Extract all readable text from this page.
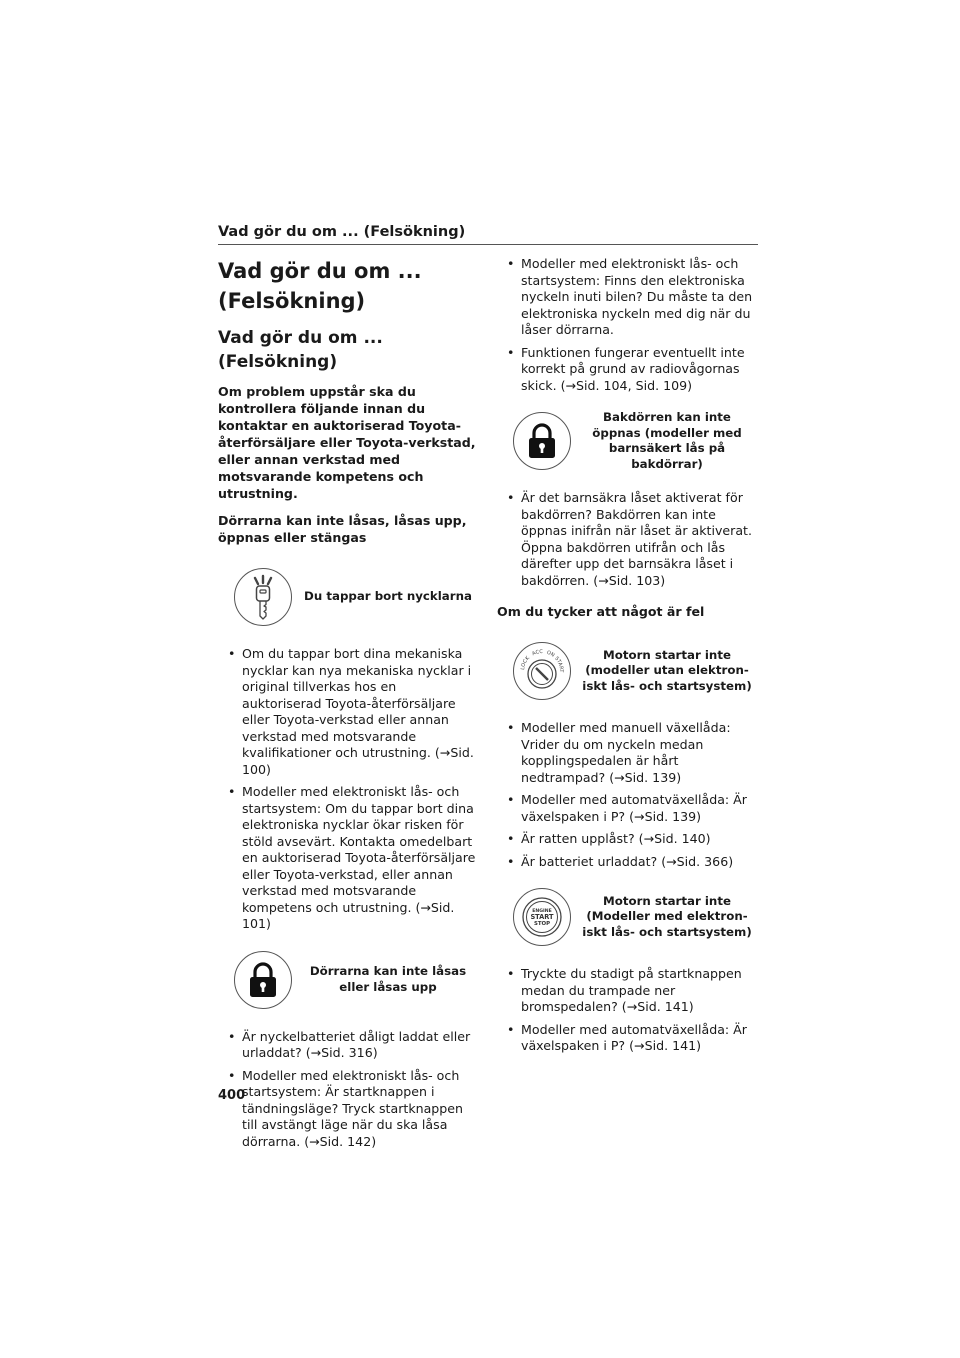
Vad gör du om ... (Felsökning)
Vad gör du om ...
(Felsökning)
Vad gör du om ... (Felsökning)

Om problem uppstår ska du kontrollera följande innan du kontaktar en auktoriserad Toyota-återförsäljare eller Toyota-verkstad, eller annan verkstad med motsvarande kompetens och utrustning.

Dörrarna kan inte låsas, låsas upp, öppnas eller stängas

Du tappar bort nycklarna
• Om du tappar bort dina mekaniska nycklar kan nya mekaniska nycklar i original tillverkas hos en auktoriserad Toyota-återförsäljare eller Toyota-verkstad eller annan verkstad med motsvarande kvalifikationer och utrustning. (→Sid. 100)
• Modeller med elektroniskt lås- och startsystem: Om du tappar bort dina elektroniska nycklar ökar risken för stöld avsevärt. Kontakta omedelbart en auktoriserad Toyota-återförsäljare eller Toyota-verkstad, eller annan verkstad med motsvarande kompetens och utrustning. (→Sid. 101)
Dörrarna kan inte låsas
eller låsas upp
• Är nyckelbatteriet dåligt laddat eller urladdat? (→Sid. 316)
• Modeller med elektroniskt lås- och startsystem: Är startknappen i tändningsläge? Tryck startknappen till avstängt läge när du ska låsa dörrarna. (→Sid. 142)
• Modeller med elektroniskt lås- och startsystem: Finns den elektroniska nyckeln inuti bilen? Du måste ta den elektroniska nyckeln med dig när du låser dörrarna.
• Funktionen fungerar eventuellt inte korrekt på grund av radiovågornas skick. (→Sid. 104, Sid. 109)
Bakdörren kan inte
öppnas (modeller med
barnsäkert lås på
bakdörrar)
• Är det barnsäkra låset aktiverat för bakdörren? Bakdörren kan inte öppnas inifrån när låset är aktiverat. Öppna bakdörren utifrån och lås därefter upp det barnsäkra låset i bakdörren. (→Sid. 103)

Om du tycker att något är fel

LOCK
ACC ON
START
Motorn startar inte
(modeller utan elektron-
iskt lås- och startsystem)
• Modeller med manuell växellåda: Vrider du om nyckeln medan kopplingspedalen är hårt nedtrampad? (→Sid. 139)
• Modeller med automatväxellåda: Är växelspaken i P? (→Sid. 139)
• Är ratten upplåst? (→Sid. 140)
• Är batteriet urladdat? (→Sid. 366)
ENGINE
START
STOP
Motorn startar inte
(Modeller med elektron-
iskt lås- och startsystem)
• Tryckte du stadigt på startknappen medan du trampade ner bromspedalen? (→Sid. 141)
• Modeller med automatväxellåda: Är växelspaken i P? (→Sid. 141)
400
